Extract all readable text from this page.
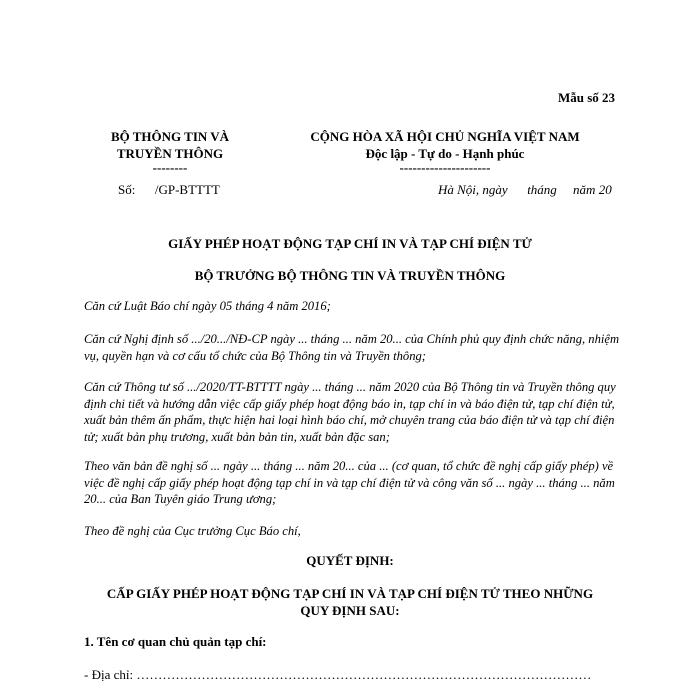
Mẫu số 23
BỘ THÔNG TIN VÀ
TRUYỀN THÔNG
--------
CỘNG HÒA XÃ HỘI CHỦ NGHĨA VIỆT NAM
Độc lập - Tự do - Hạnh phúc
---------------------
Số:      /GP-BTTTT	Hà Nội, ngày      tháng     năm 20
GIẤY PHÉP HOẠT ĐỘNG TẠP CHÍ IN VÀ TẠP CHÍ ĐIỆN TỬ
BỘ TRƯỞNG BỘ THÔNG TIN VÀ TRUYỀN THÔNG
Căn cứ Luật Báo chí ngày 05 tháng 4 năm 2016;
Căn cứ Nghị định số .../20.../NĐ-CP ngày ... tháng ... năm 20... của Chính phủ quy định chức năng, nhiệm vụ, quyền hạn và cơ cấu tổ chức của Bộ Thông tin và Truyền thông;
Căn cứ Thông tư số .../2020/TT-BTTTT ngày ... tháng ... năm 2020 của Bộ Thông tin và Truyền thông quy định chi tiết và hướng dẫn việc cấp giấy phép hoạt động báo in, tạp chí in và báo điện tử, tạp chí điện tử, xuất bản thêm ấn phẩm, thực hiện hai loại hình báo chí, mở chuyên trang của báo điện tử và tạp chí điện tử; xuất bản phụ trương, xuất bản bản tin, xuất bản đặc san;
Theo văn bản đề nghị số ... ngày ... tháng ... năm 20... của ... (cơ quan, tổ chức đề nghị cấp giấy phép) về việc đề nghị cấp giấy phép hoạt động tạp chí in và tạp chí điện tử và công văn số ... ngày ... tháng ... năm 20... của Ban Tuyên giáo Trung ương;
Theo đề nghị của Cục trưởng Cục Báo chí,
QUYẾT ĐỊNH:
CẤP GIẤY PHÉP HOẠT ĐỘNG TẠP CHÍ IN VÀ TẠP CHÍ ĐIỆN TỬ THEO NHỮNG
QUY ĐỊNH SAU:
1. Tên cơ quan chủ quản tạp chí:
- Địa chỉ: ……………………………………………………………………………………………
